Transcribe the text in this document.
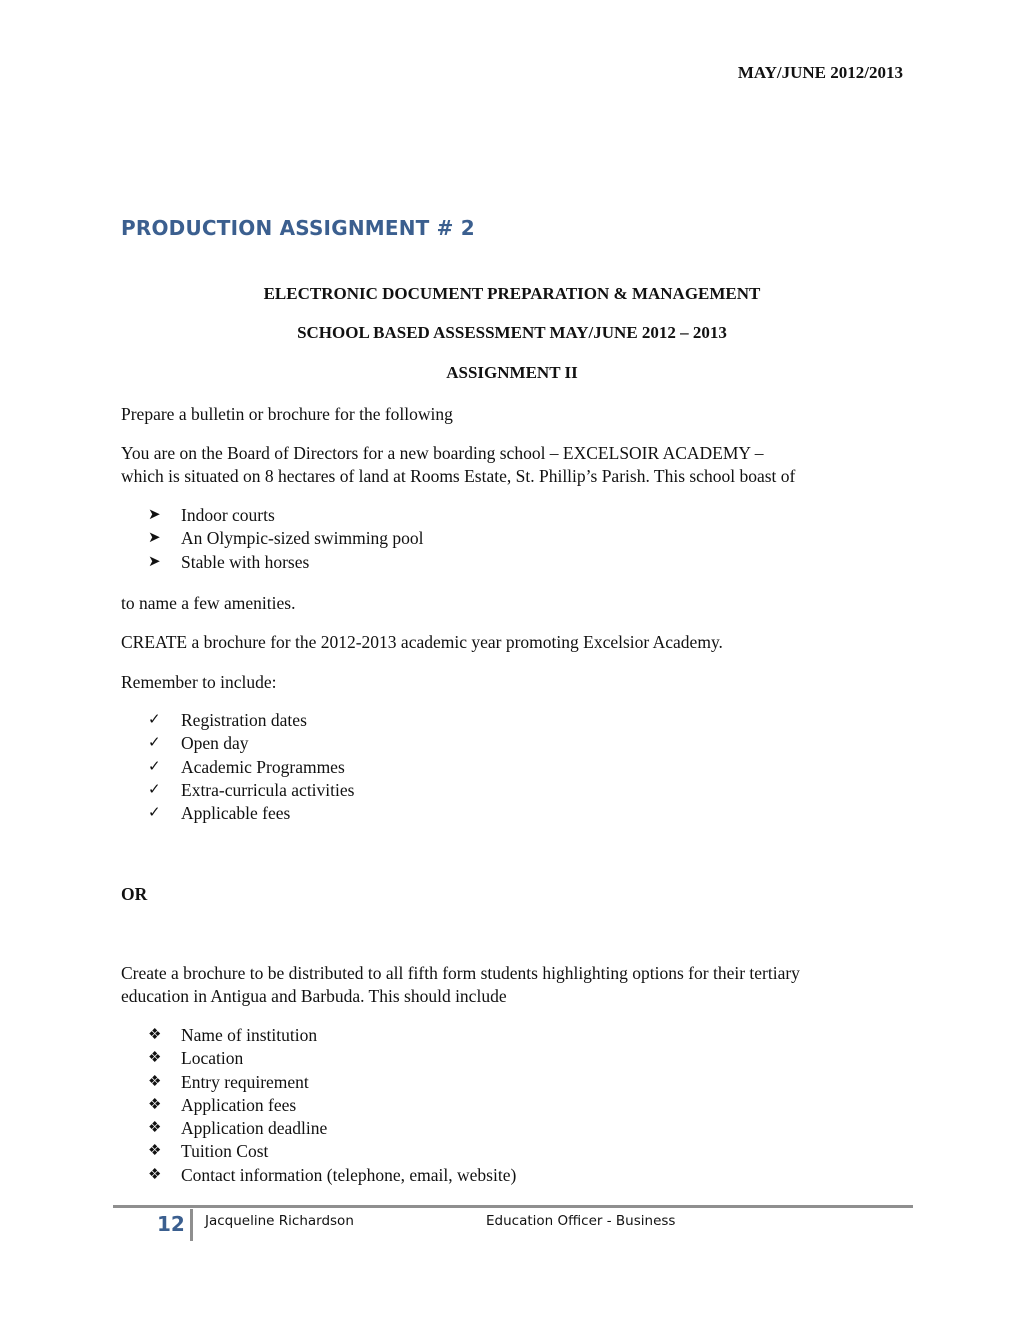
MAY/JUNE 2012/2013
PRODUCTION ASSIGNMENT # 2
ELECTRONIC DOCUMENT PREPARATION & MANAGEMENT
SCHOOL BASED ASSESSMENT MAY/JUNE 2012 – 2013
ASSIGNMENT II
Prepare a bulletin or brochure for the following
You are on the Board of Directors for a new boarding school – EXCELSOIR ACADEMY –
which is situated on 8 hectares of land at Rooms Estate, St. Phillip’s Parish. This school boast of
➤	Indoor courts
➤	An Olympic-sized swimming pool
➤	Stable with horses
to name a few amenities.
CREATE a brochure for the 2012-2013 academic year promoting Excelsior Academy.
Remember to include:
✓	Registration dates
✓	Open day
✓	Academic Programmes
✓	Extra-curricula activities
✓	Applicable fees
OR
Create a brochure to be distributed to all fifth form students highlighting options for their tertiary
education in Antigua and Barbuda. This should include
❖	Name of institution
❖	Location
❖	Entry requirement
❖	Application fees
❖	Application deadline
❖	Tuition Cost
❖	Contact information (telephone, email, website)
12 Jacqueline Richardson	Education Officer - Business
